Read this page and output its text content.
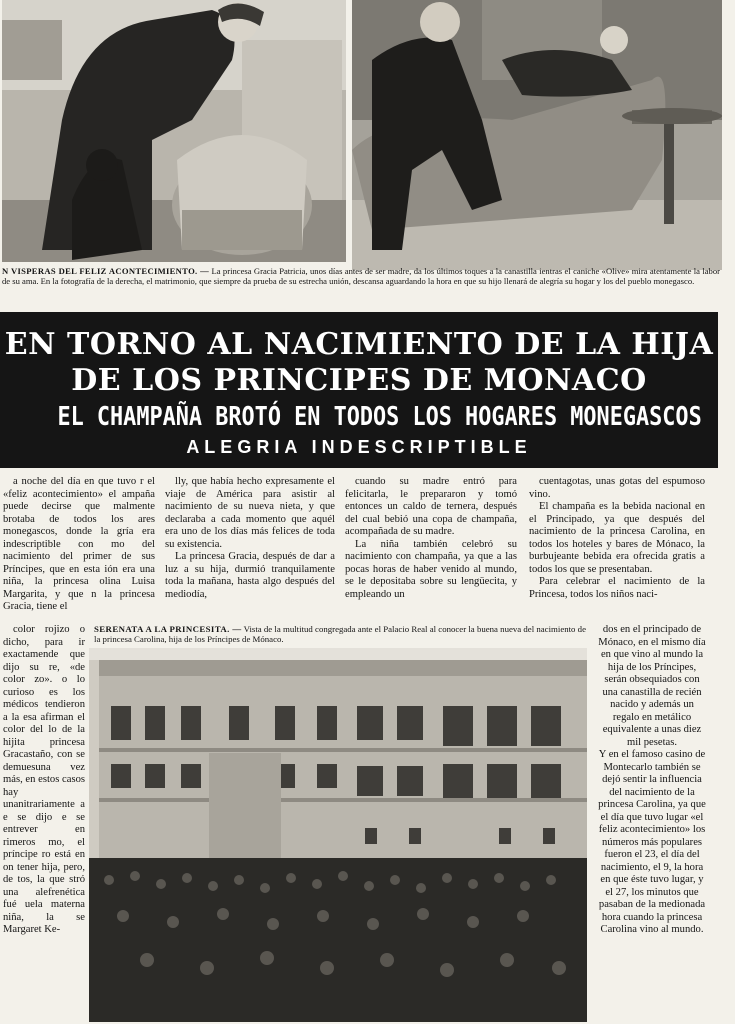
N VISPERAS DEL FELIZ ACONTECIMIENTO. — La princesa Gracia Patricia, unos días antes de ser madre, da los últimos toques a la canastilla ientras el caniche «Olive» mira atentamente la labor de su ama. En la fotografía de la derecha, el matrimonio, que siempre da prueba de su estrecha unión, descansa aguardando la hora en que su hijo llenará de alegría su hogar y los del pueblo monegasco.
EN TORNO AL NACIMIENTO DE LA HIJA
DE LOS PRINCIPES DE MONACO
EL CHAMPAÑA BROTÓ EN TODOS LOS HOGARES MONEGASCOS
ALEGRIA INDESCRIPTIBLE

a noche del día en que tuvo r el «feliz acontecimiento» el ampaña puede decirse que malmente brotaba de todos los ares monegascos, donde la gría era indescriptible con mo del nacimiento del primer de sus Príncipes, que en esta ión era una niña, la princesa olina Luisa Margarita, y que n la princesa Gracia, tiene el

color rojizo o dicho, para ir exactamende que dijo su re, «de color zo». o lo curioso es los médicos tendieron a la esa afirman el color del lo de la hijita princesa Gracastaño, con se demuesuna vez más, en estos casos hay unanitrariamente a e se dijo e se entrever en rimeros mo, el príncipe ro está en on tener hija, pero, de tos, la que stró una alefrenética fué uela materna niña, la se Margaret Ke-

lly, que había hecho expresamente el viaje de América para asistir al nacimiento de su nueva nieta, y que declaraba a cada momento que aquél era uno de los días más felices de toda su existencia.

La princesa Gracia, después de dar a luz a su hija, durmió tranquilamente toda la mañana, hasta algo después del mediodía,

cuando su madre entró para felicitarla, le prepararon y tomó entonces un caldo de ternera, después del cual bebió una copa de champaña, acompañada de su madre.

La niña también celebró su nacimiento con champaña, ya que a las pocas horas de haber venido al mundo, se le depositaba sobre su lengüecita, y empleando un

cuentagotas, unas gotas del espumoso vino.

El champaña es la bebida nacional en el Principado, ya que después del nacimiento de la princesa Carolina, en todos los hoteles y bares de Mónaco, la burbujeante bebida era ofrecida gratis a todos los que se presentaban.

Para celebrar el nacimiento de la Princesa, todos los niños naci-

SERENATA A LA PRINCESITA. — Vista de la multitud congregada ante el Palacio Real al conocer la buena nueva del nacimiento de la princesa Carolina, hija de los Príncipes de Mónaco.

dos en el principado de Mónaco, en el mismo día en que vino al mundo la hija de los Príncipes, serán obsequiados con una canastilla de recién nacido y además un regalo en metálico equivalente a unas diez mil pesetas.

Y en el famoso casino de Montecarlo también se dejó sentir la influencia del nacimiento de la princesa Carolina, ya que el día que tuvo lugar «el feliz acontecimiento» los números más populares fueron el 23, el día del nacimiento, el 9, la hora en que éste tuvo lugar, y el 27, los minutos que pasaban de la medionada hora cuando la princesa Carolina vino al mundo.
